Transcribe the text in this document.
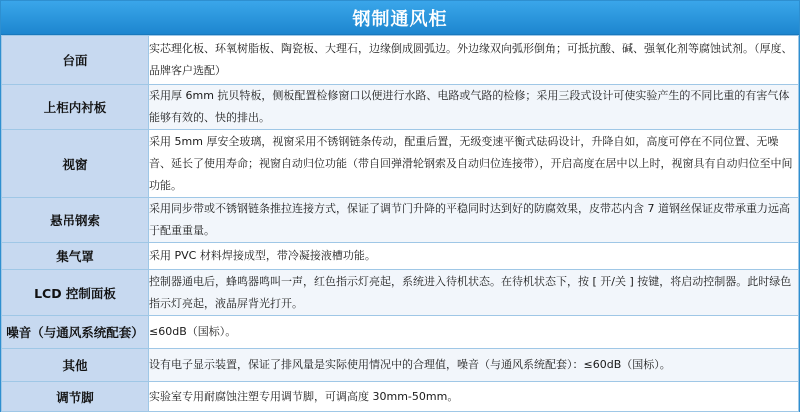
钢制通风柜
台面	实芯理化板、环氧树脂板、陶瓷板、大理石，边缘倒成圆弧边。外边缘双向弧形倒角；可抵抗酸、碱、强氧化剂等腐蚀试剂。（厚度、品牌客户选配）
上柜内衬板	采用厚 6mm 抗贝特板，侧板配置检修窗口以便进行水路、电路或气路的检修；采用三段式设计可使实验产生的不同比重的有害气体能够有效的、快的排出。
视窗	采用 5mm 厚安全玻璃，视窗采用不锈钢链条传动，配重后置，无级变速平衡式砝码设计，升降自如，高度可停在不同位置、无噪音、延长了使用寿命；视窗自动归位功能（带自回弹滑轮钢索及自动归位连接带），开启高度在居中以上时，视窗具有自动归位至中间功能。
悬吊钢索	采用同步带或不锈钢链条推拉连接方式，保证了调节门升降的平稳同时达到好的防腐效果，皮带芯内含 7 道钢丝保证皮带承重力远高于配重重量。
集气罩	采用 PVC 材料焊接成型，带冷凝接液槽功能。
LCD 控制面板	控制器通电后，蜂鸣器鸣叫一声，红色指示灯亮起，系统进入待机状态。在待机状态下，按 [ 开/关 ] 按键，将启动控制器。此时绿色指示灯亮起，液晶屏背光打开。
噪音（与通风系统配套）	≤60dB（国标）。
其他	设有电子显示装置，保证了排风量是实际使用情况中的合理值，噪音（与通风系统配套）：≤60dB（国标）。
调节脚	实验室专用耐腐蚀注塑专用调节脚，可调高度 30mm-50mm。
